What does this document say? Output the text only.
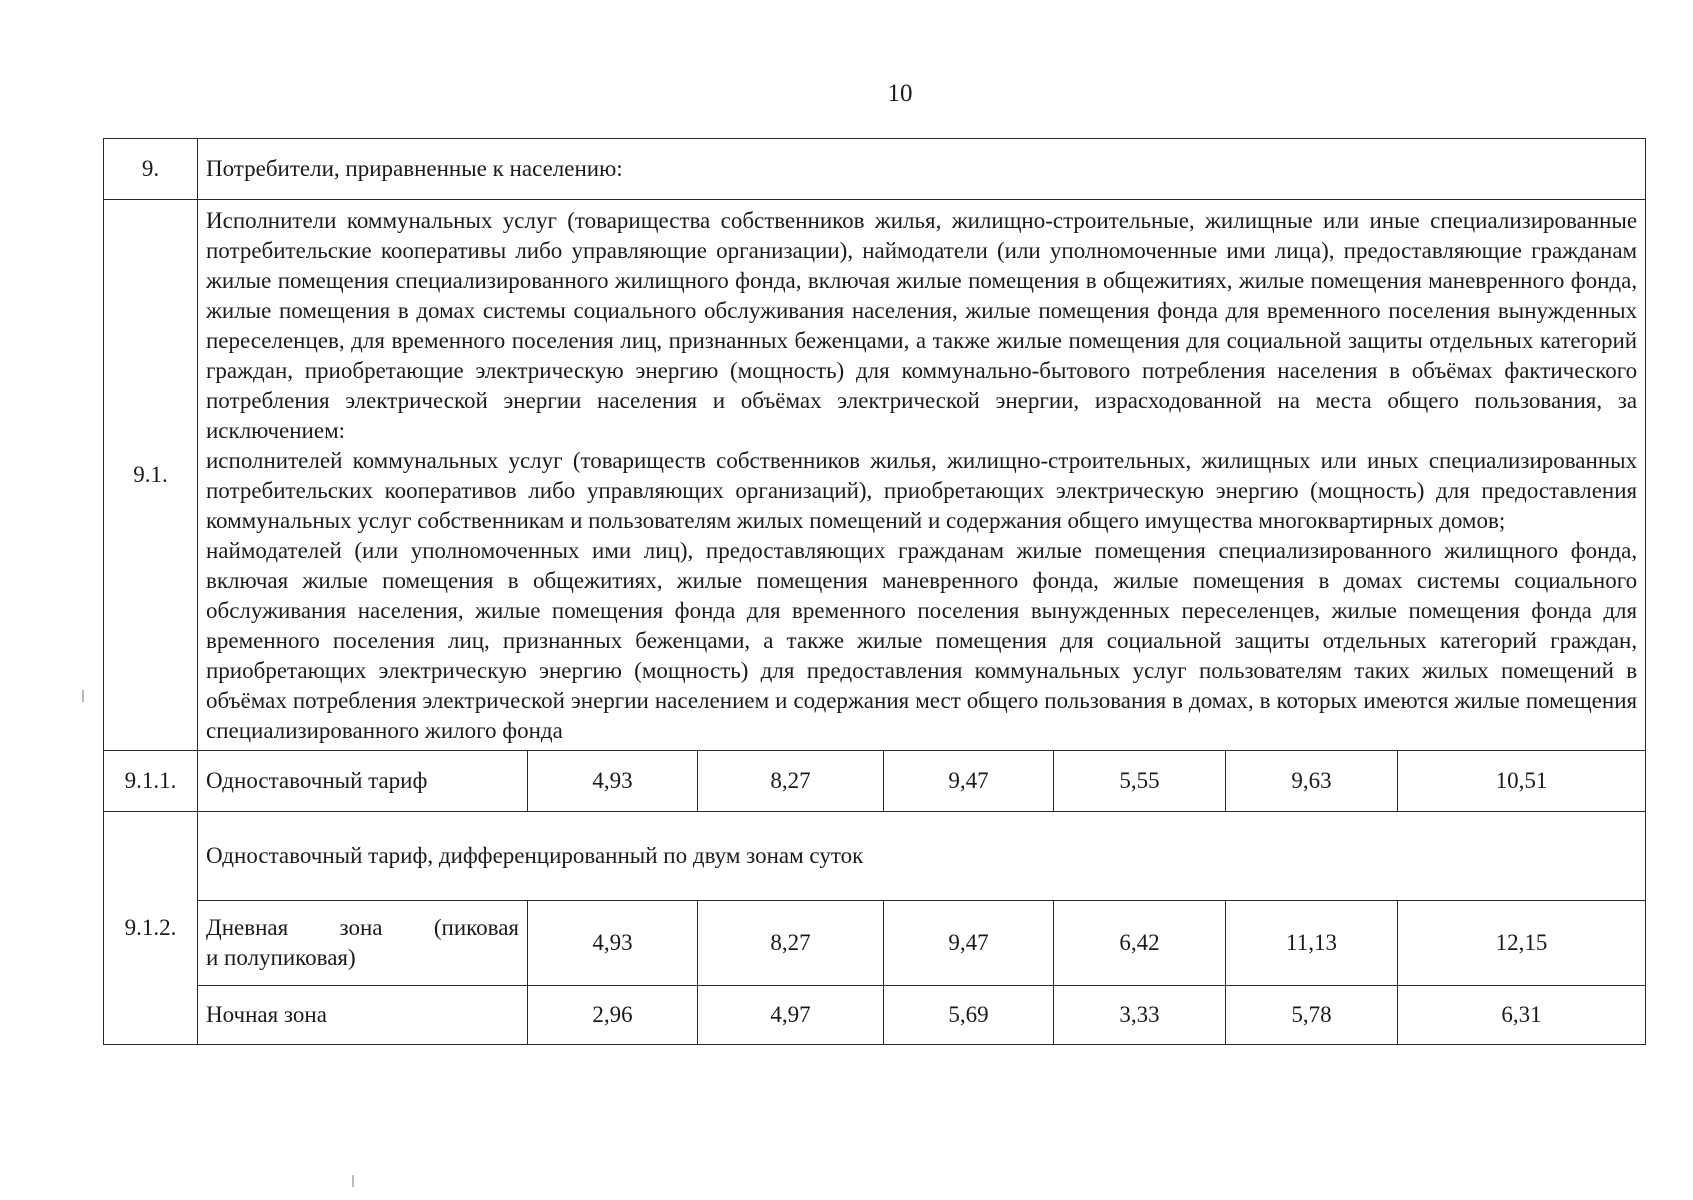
10
9.	Потребители, приравненные к населению:						
9.1.	Исполнители коммунальных услуг (товарищества собственников жилья, жилищно-строительные, жилищные или иные специализированные потребительские кооперативы либо управляющие организации), наймодатели (или уполномоченные ими лица), предоставляющие гражданам жилые помещения специализированного жилищного фонда, включая жилые помещения в общежитиях, жилые помещения маневренного фонда, жилые помещения в домах системы социального обслуживания населения, жилые помещения фонда для временного поселения вынужденных переселенцев, для временного поселения лиц, признанных беженцами, а также жилые помещения для социальной защиты отдельных категорий граждан, приобретающие электрическую энергию (мощность) для коммунально-бытового потребления населения в объёмах фактического потребления электрической энергии населения и объёмах электрической энергии, израсходованной на места общего пользования, за исключением:

исполнителей коммунальных услуг (товариществ собственников жилья, жилищно-строительных, жилищных или иных специализированных потребительских кооперативов либо управляющих организаций), приобретающих электрическую энергию (мощность) для предоставления коммунальных услуг собственникам и пользователям жилых помещений и содержания общего имущества многоквартирных домов;

наймодателей (или уполномоченных ими лиц), предоставляющих гражданам жилые помещения специализированного жилищного фонда, включая жилые помещения в общежитиях, жилые помещения маневренного фонда, жилые помещения в домах системы социального обслуживания населения, жилые помещения фонда для временного поселения вынужденных переселенцев, жилые помещения фонда для временного поселения лиц, признанных беженцами, а также жилые помещения для социальной защиты отдельных категорий граждан, приобретающих электрическую энергию (мощность) для предоставления коммунальных услуг пользователям таких жилых помещений в объёмах потребления электрической энергии населением и содержания мест общего пользования в домах, в которых имеются жилые помещения специализированного жилого фонда						

9.1.1.	Одноставочный тариф	4,93	8,27	9,47	5,55	9,63	10,51
9.1.2.	Одноставочный тариф, дифференцированный по двум зонам суток						

	Дневная зона (пиковая
и полупиковая)	4,93	8,27	9,47	6,42	11,13	12,15
	Ночная зона	2,96	4,97	5,69	3,33	5,78	6,31
